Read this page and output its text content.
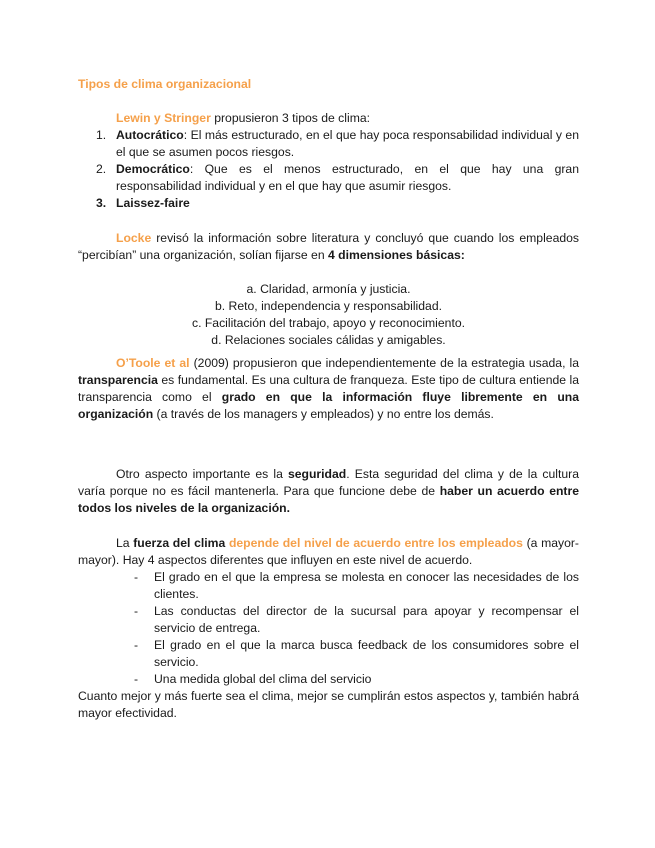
Tipos de clima organizacional
Lewin y Stringer propusieron 3 tipos de clima:
1. Autocrático: El más estructurado, en el que hay poca responsabilidad individual y en el que se asumen pocos riesgos.
2. Democrático: Que es el menos estructurado, en el que hay una gran responsabilidad individual y en el que hay que asumir riesgos.
3. Laissez-faire
Locke revisó la información sobre literatura y concluyó que cuando los empleados “percibían” una organización, solían fijarse en 4 dimensiones básicas:
a. Claridad, armonía y justicia.
b. Reto, independencia y responsabilidad.
c. Facilitación del trabajo, apoyo y reconocimiento.
d. Relaciones sociales cálidas y amigables.
O’Toole et al (2009) propusieron que independientemente de la estrategia usada, la transparencia es fundamental. Es una cultura de franqueza. Este tipo de cultura entiende la transparencia como el grado en que la información fluye libremente en una organización (a través de los managers y empleados) y no entre los demás.
Otro aspecto importante es la seguridad. Esta seguridad del clima y de la cultura varía porque no es fácil mantenerla. Para que funcione debe de haber un acuerdo entre todos los niveles de la organización.
La fuerza del clima depende del nivel de acuerdo entre los empleados (a mayor-mayor). Hay 4 aspectos diferentes que influyen en este nivel de acuerdo.
- El grado en el que la empresa se molesta en conocer las necesidades de los clientes.
- Las conductas del director de la sucursal para apoyar y recompensar el servicio de entrega.
- El grado en el que la marca busca feedback de los consumidores sobre el servicio.
- Una medida global del clima del servicio
Cuanto mejor y más fuerte sea el clima, mejor se cumplirán estos aspectos y, también habrá mayor efectividad.
